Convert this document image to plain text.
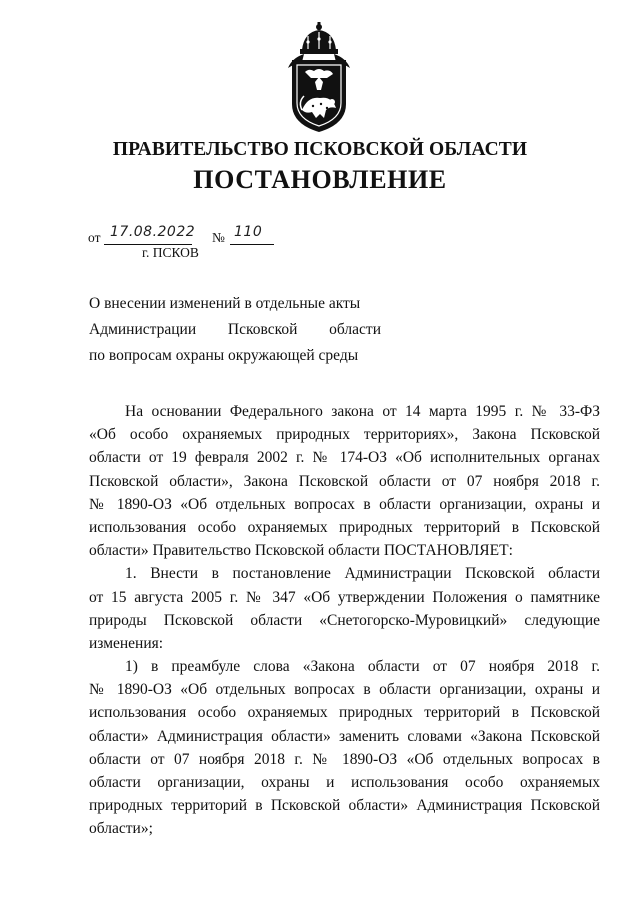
ПРАВИТЕЛЬСТВО ПСКОВСКОЙ ОБЛАСТИ
ПОСТАНОВЛЕНИЕ
от 17.08.2022 № 110
г. ПСКОВ
О внесении изменений в отдельные акты
Администрации Псковской области
по вопросам охраны окружающей среды
На основании Федерального закона от 14 марта 1995 г. № 33-ФЗ
«Об особо охраняемых природных территориях», Закона Псковской
области от 19 февраля 2002 г. № 174-ОЗ «Об исполнительных органах
Псковской области», Закона Псковской области от 07 ноября 2018 г.
№ 1890-ОЗ «Об отдельных вопросах в области организации, охраны и
использования особо охраняемых природных территорий в Псковской
области» Правительство Псковской области ПОСТАНОВЛЯЕТ:
1. Внести в постановление Администрации Псковской области
от 15 августа 2005 г. № 347 «Об утверждении Положения о памятнике
природы Псковской области «Снетогорско-Муровицкий» следующие
изменения:
1) в преамбуле слова «Закона области от 07 ноября 2018 г.
№ 1890-ОЗ «Об отдельных вопросах в области организации, охраны и
использования особо охраняемых природных территорий в Псковской
области» Администрация области» заменить словами «Закона Псковской
области от 07 ноября 2018 г. № 1890-ОЗ «Об отдельных вопросах в
области организации, охраны и использования особо охраняемых
природных территорий в Псковской области» Администрация Псковской
области»;
